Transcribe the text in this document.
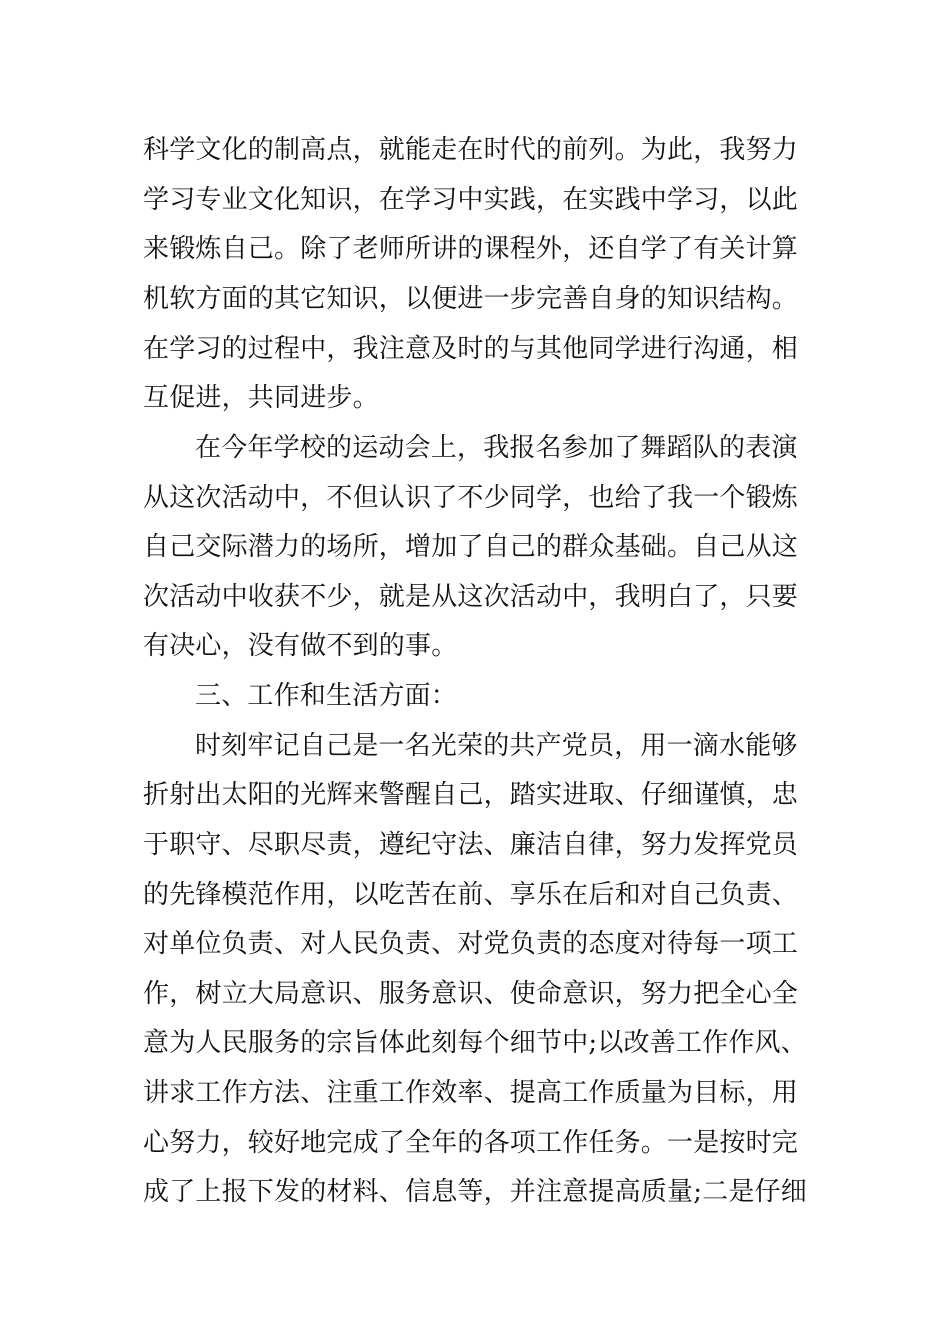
科学文化的制高点，就能走在时代的前列。为此，我努力
学习专业文化知识，在学习中实践，在实践中学习，以此
来锻炼自己。除了老师所讲的课程外，还自学了有关计算
机软方面的其它知识，以便进一步完善自身的知识结构。
在学习的过程中，我注意及时的与其他同学进行沟通，相
互促进，共同进步。
在今年学校的运动会上，我报名参加了舞蹈队的表演
从这次活动中，不但认识了不少同学，也给了我一个锻炼
自己交际潜力的场所，增加了自己的群众基础。自己从这
次活动中收获不少，就是从这次活动中，我明白了，只要
有决心，没有做不到的事。
三、工作和生活方面：
时刻牢记自己是一名光荣的共产党员，用一滴水能够
折射出太阳的光辉来警醒自己，踏实进取、仔细谨慎，忠
于职守、尽职尽责，遵纪守法、廉洁自律，努力发挥党员
的先锋模范作用，以吃苦在前、享乐在后和对自己负责、
对单位负责、对人民负责、对党负责的态度对待每一项工
作，树立大局意识、服务意识、使命意识，努力把全心全
意为人民服务的宗旨体此刻每个细节中;以改善工作作风、
讲求工作方法、注重工作效率、提高工作质量为目标，用
心努力，较好地完成了全年的各项工作任务。一是按时完
成了上报下发的材料、信息等，并注意提高质量;二是仔细
